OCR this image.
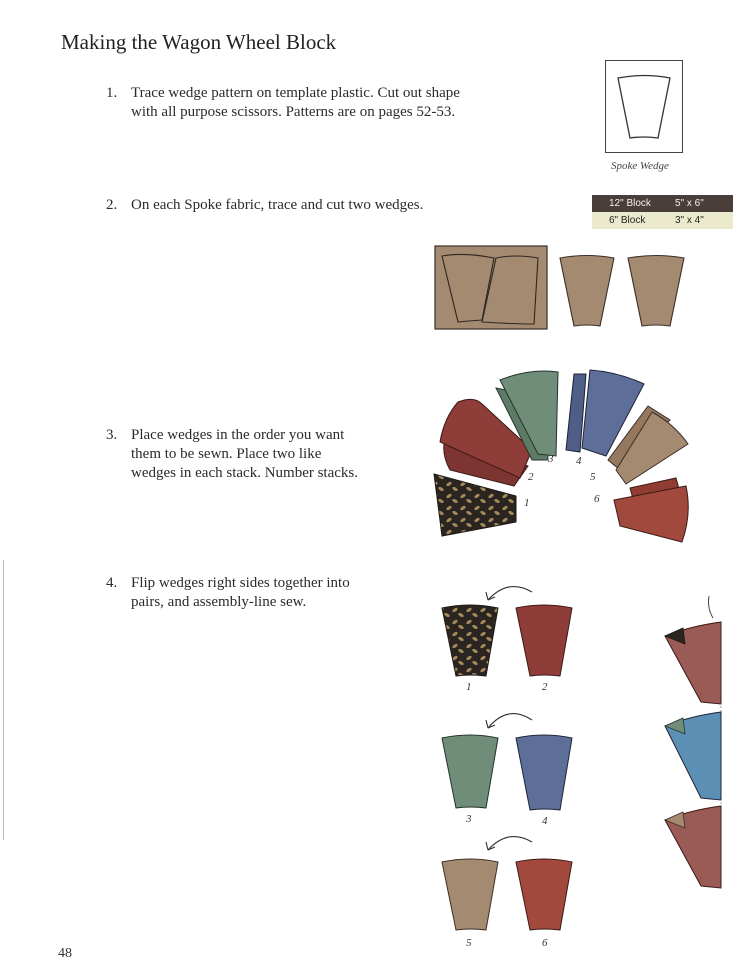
Making the Wagon Wheel Block
1. Trace wedge pattern on template plastic. Cut out shape
with all purpose scissors. Patterns are on pages 52-53.
2. On each Spoke fabric, trace and cut two wedges.
3. Place wedges in the order you want
them to be sewn. Place two like
wedges in each stack. Number stacks.
4. Flip wedges right sides together into
pairs, and assembly-line sew.
Spoke Wedge
12" Block	5" x 6"
6" Block	3" x 4"
1
2
3 4
5
6
1	2
3	4
5	6
48
